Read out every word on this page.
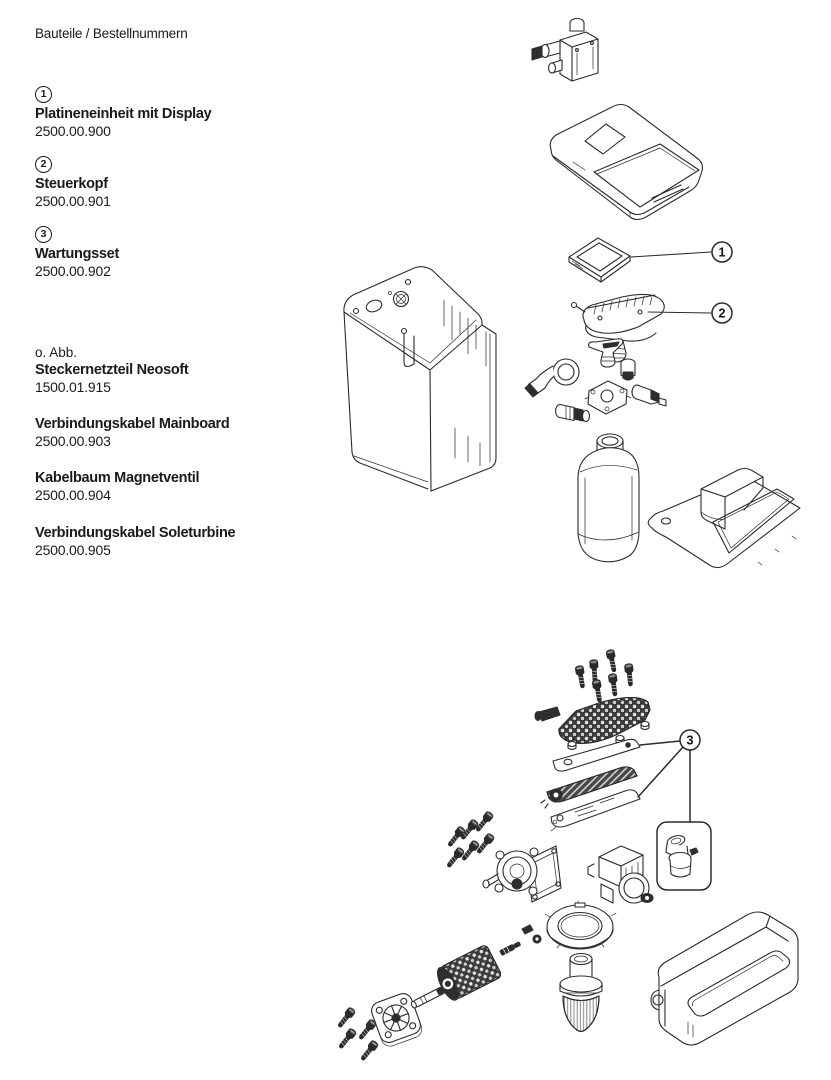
Bauteile / Bestellnummern
1
Platineneinheit mit Display
2500.00.900
2
Steuerkopf
2500.00.901
3
Wartungsset
2500.00.902
o. Abb.
Steckernetzteil Neosoft
1500.01.915
Verbindungskabel Mainboard
2500.00.903
Kabelbaum Magnetventil
2500.00.904
Verbindungskabel Soleturbine
2500.00.905
1
2
3
